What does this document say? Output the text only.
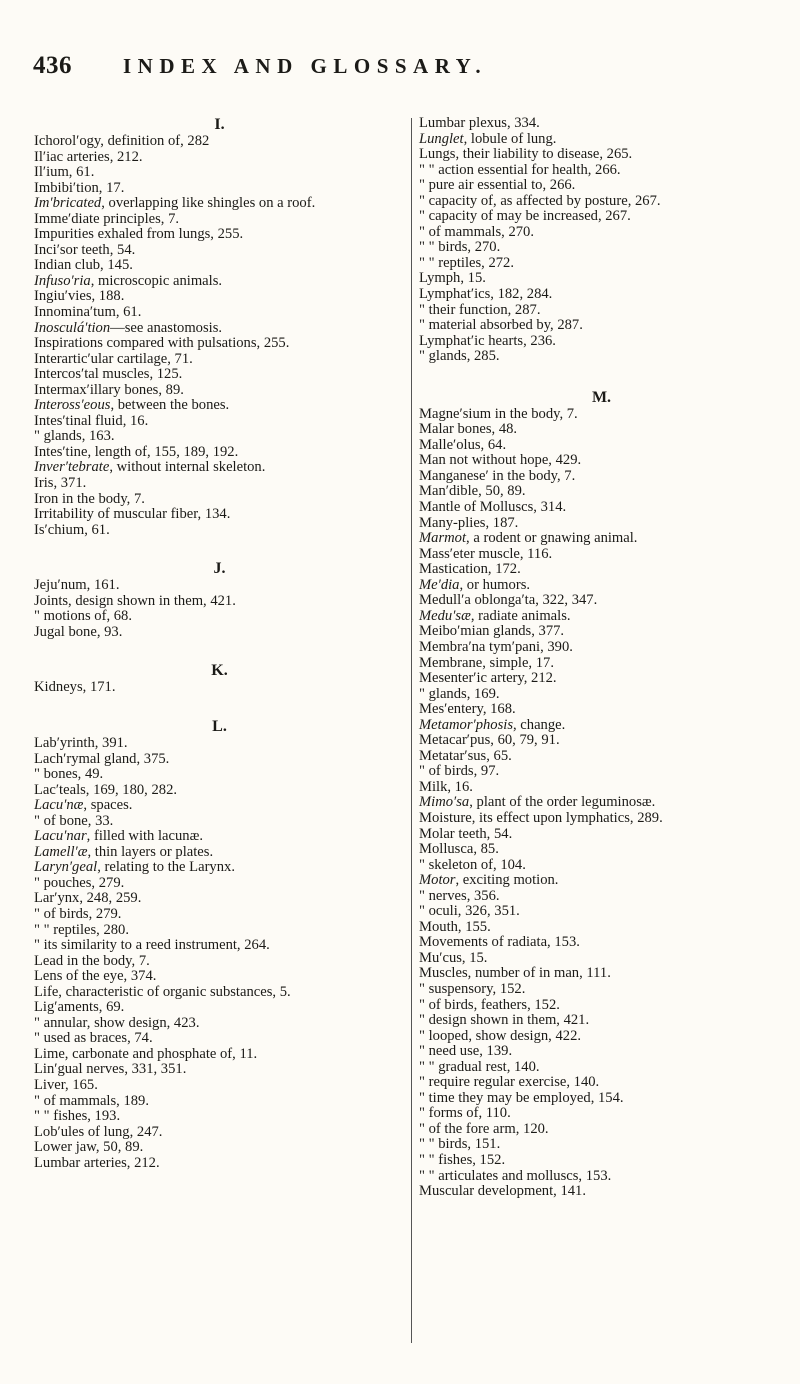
436 INDEX AND GLOSSARY.
I.
Ichorol′ogy, definition of, 282
Il′iac arteries, 212.
Il′ium, 61.
Imbibi′tion, 17.
Im′bricated, overlapping like shingles on a roof.
Imme′diate principles, 7.
Impurities exhaled from lungs, 255.
Inci′sor teeth, 54.
Indian club, 145.
Infuso′ria, microscopic animals.
Ingiu′vies, 188.
Innomina′tum, 61.
Inosculá′tion—see anastomosis.
Inspirations compared with pulsations, 255.
Interartic′ular cartilage, 71.
Intercos′tal muscles, 125.
Intermax′illary bones, 89.
Inteross′eous, between the bones.
Intes′tinal fluid, 16.
" glands, 163.
Intes′tine, length of, 155, 189, 192.
Inver′tebrate, without internal skeleton.
Iris, 371.
Iron in the body, 7.
Irritability of muscular fiber, 134.
Is′chium, 61.
J.
Jeju′num, 161.
Joints, design shown in them, 421.
" motions of, 68.
Jugal bone, 93.
K.
Kidneys, 171.
L.
Lab′yrinth, 391.
Lach′rymal gland, 375.
" bones, 49.
Lac′teals, 169, 180, 282.
Lacu′næ, spaces.
" of bone, 33.
Lacu′nar, filled with lacunæ.
Lamell′æ, thin layers or plates.
Laryn′geal, relating to the Larynx.
" pouches, 279.
Lar′ynx, 248, 259.
" of birds, 279.
" " reptiles, 280.
" its similarity to a reed instrument, 264.
Lead in the body, 7.
Lens of the eye, 374.
Life, characteristic of organic substances, 5.
Lig′aments, 69.
" annular, show design, 423.
" used as braces, 74.
Lime, carbonate and phosphate of, 11.
Lin′gual nerves, 331, 351.
Liver, 165.
" of mammals, 189.
" " fishes, 193.
Lob′ules of lung, 247.
Lower jaw, 50, 89.
Lumbar arteries, 212.
Lumbar plexus, 334.
Lunglet, lobule of lung.
Lungs, their liability to disease, 265.
" " action essential for health, 266.
" pure air essential to, 266.
" capacity of, as affected by posture, 267.
" capacity of may be increased, 267.
" of mammals, 270.
" " birds, 270.
" " reptiles, 272.
Lymph, 15.
Lymphat′ics, 182, 284.
" their function, 287.
" material absorbed by, 287.
Lymphat′ic hearts, 236.
" glands, 285.
M.
Magne′sium in the body, 7.
Malar bones, 48.
Malle′olus, 64.
Man not without hope, 429.
Manganese′ in the body, 7.
Man′dible, 50, 89.
Mantle of Molluscs, 314.
Many-plies, 187.
Marmot, a rodent or gnawing animal.
Mass′eter muscle, 116.
Mastication, 172.
Me′dia, or humors.
Medull′a oblonga′ta, 322, 347.
Medu′sæ, radiate animals.
Meibo′mian glands, 377.
Membra′na tym′pani, 390.
Membrane, simple, 17.
Mesenter′ic artery, 212.
" glands, 169.
Mes′entery, 168.
Metamor′phosis, change.
Metacar′pus, 60, 79, 91.
Metatar′sus, 65.
" of birds, 97.
Milk, 16.
Mimo′sa, plant of the order leguminosæ.
Moisture, its effect upon lymphatics, 289.
Molar teeth, 54.
Mollusca, 85.
" skeleton of, 104.
Motor, exciting motion.
" nerves, 356.
" oculi, 326, 351.
Mouth, 155.
Movements of radiata, 153.
Mu′cus, 15.
Muscles, number of in man, 111.
" suspensory, 152.
" of birds, feathers, 152.
" design shown in them, 421.
" looped, show design, 422.
" need use, 139.
" " gradual rest, 140.
" require regular exercise, 140.
" time they may be employed, 154.
" forms of, 110.
" of the fore arm, 120.
" " birds, 151.
" " fishes, 152.
" " articulates and molluscs, 153.
Muscular development, 141.
